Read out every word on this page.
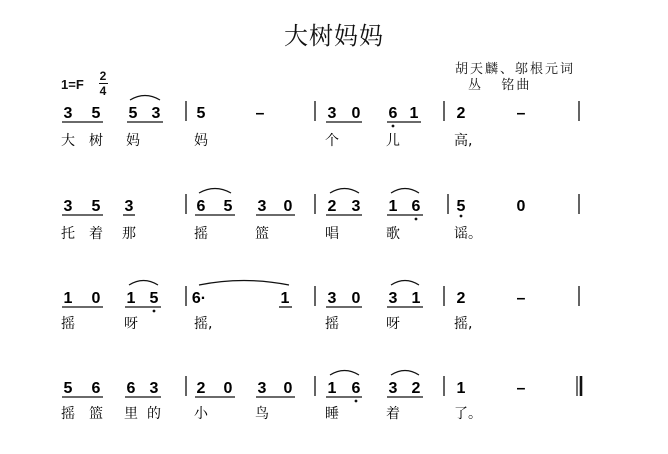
大树妈妈
胡天麟、邬根元词
丛   铭曲
1=F
2
4
3 5 5 3 5	–	3 0 6 1 2	–
大 树 妈	妈	个	儿	高,
3 5 3	6 5 3 0 2 3 1 6 5	0
托 着 那	摇	篮	唱	歌	谣。
1 0 1 5 6·	1 3 0 3 1 2	–
摇	呀	摇,	摇	呀	摇,
5 6 6 3 2 0 3 0 1 6 3 2 1	–
摇 篮 里 的 小	鸟	睡	着	了。
